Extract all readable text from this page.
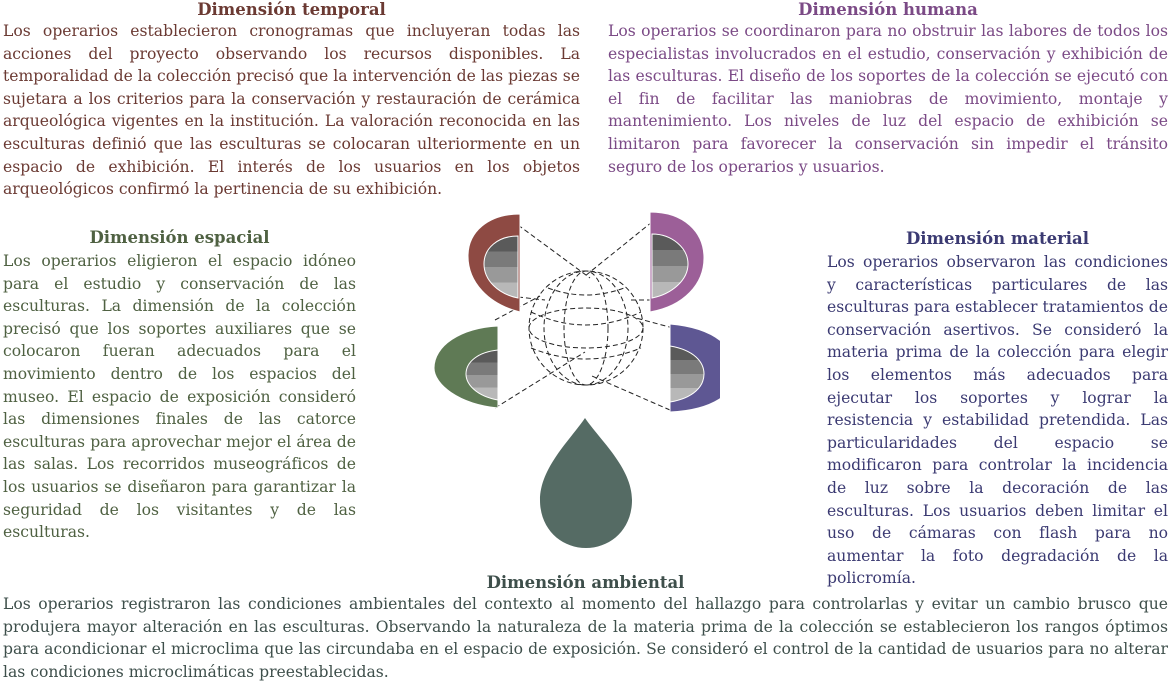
Dimensión temporal

Los operarios establecieron cronogramas que incluyeran todas las acciones del proyecto observando los recursos disponibles. La temporalidad de la colección precisó que la intervención de las piezas se sujetara a los criterios para la conservación y restauración de cerámica arqueológica vigentes en la institución. La valoración reconocida en las esculturas definió que las esculturas se colocaran ulteriormente en un espacio de exhibición. El interés de los usuarios en los objetos arqueológicos confirmó la pertinencia de su exhibición.

Dimensión humana

Los operarios se coordinaron para no obstruir las labores de todos los especialistas involucrados en el estudio, conservación y exhibición de las esculturas. El diseño de los soportes de la colección se ejecutó con el fin de facilitar las maniobras de movimiento, montaje y mantenimiento. Los niveles de luz del espacio de exhibición se limitaron para favorecer la conservación sin impedir el tránsito seguro de los operarios y usuarios.

Dimensión espacial

Los operarios eligieron el espacio idóneo para el estudio y conservación de las esculturas. La dimensión de la colección precisó que los soportes auxiliares que se colocaron fueran adecuados para el movimiento dentro de los espacios del museo. El espacio de exposición consideró las dimensiones finales de las catorce esculturas para aprovechar mejor el área de las salas. Los recorridos museográficos de los usuarios se diseñaron para garantizar la seguridad de los visitantes y de las esculturas.

Dimensión material

Los operarios observaron las condiciones y características particulares de las esculturas para establecer tratamientos de conservación asertivos. Se consideró la materia prima de la colección para elegir los elementos más adecuados para ejecutar los soportes y lograr la resistencia y estabilidad pretendida. Las particularidades del espacio se modificaron para controlar la incidencia de luz sobre la decoración de las esculturas. Los usuarios deben limitar el uso de cámaras con flash para no aumentar la foto degradación de la policromía.

Dimensión ambiental

Los operarios registraron las condiciones ambientales del contexto al momento del hallazgo para controlarlas y evitar un cambio brusco que produjera mayor alteración en las esculturas. Observando la naturaleza de la materia prima de la colección se establecieron los rangos óptimos para acondicionar el microclima que las circundaba en el espacio de exposición. Se consideró el control de la cantidad de usuarios para no alterar las condiciones microclimáticas preestablecidas.
